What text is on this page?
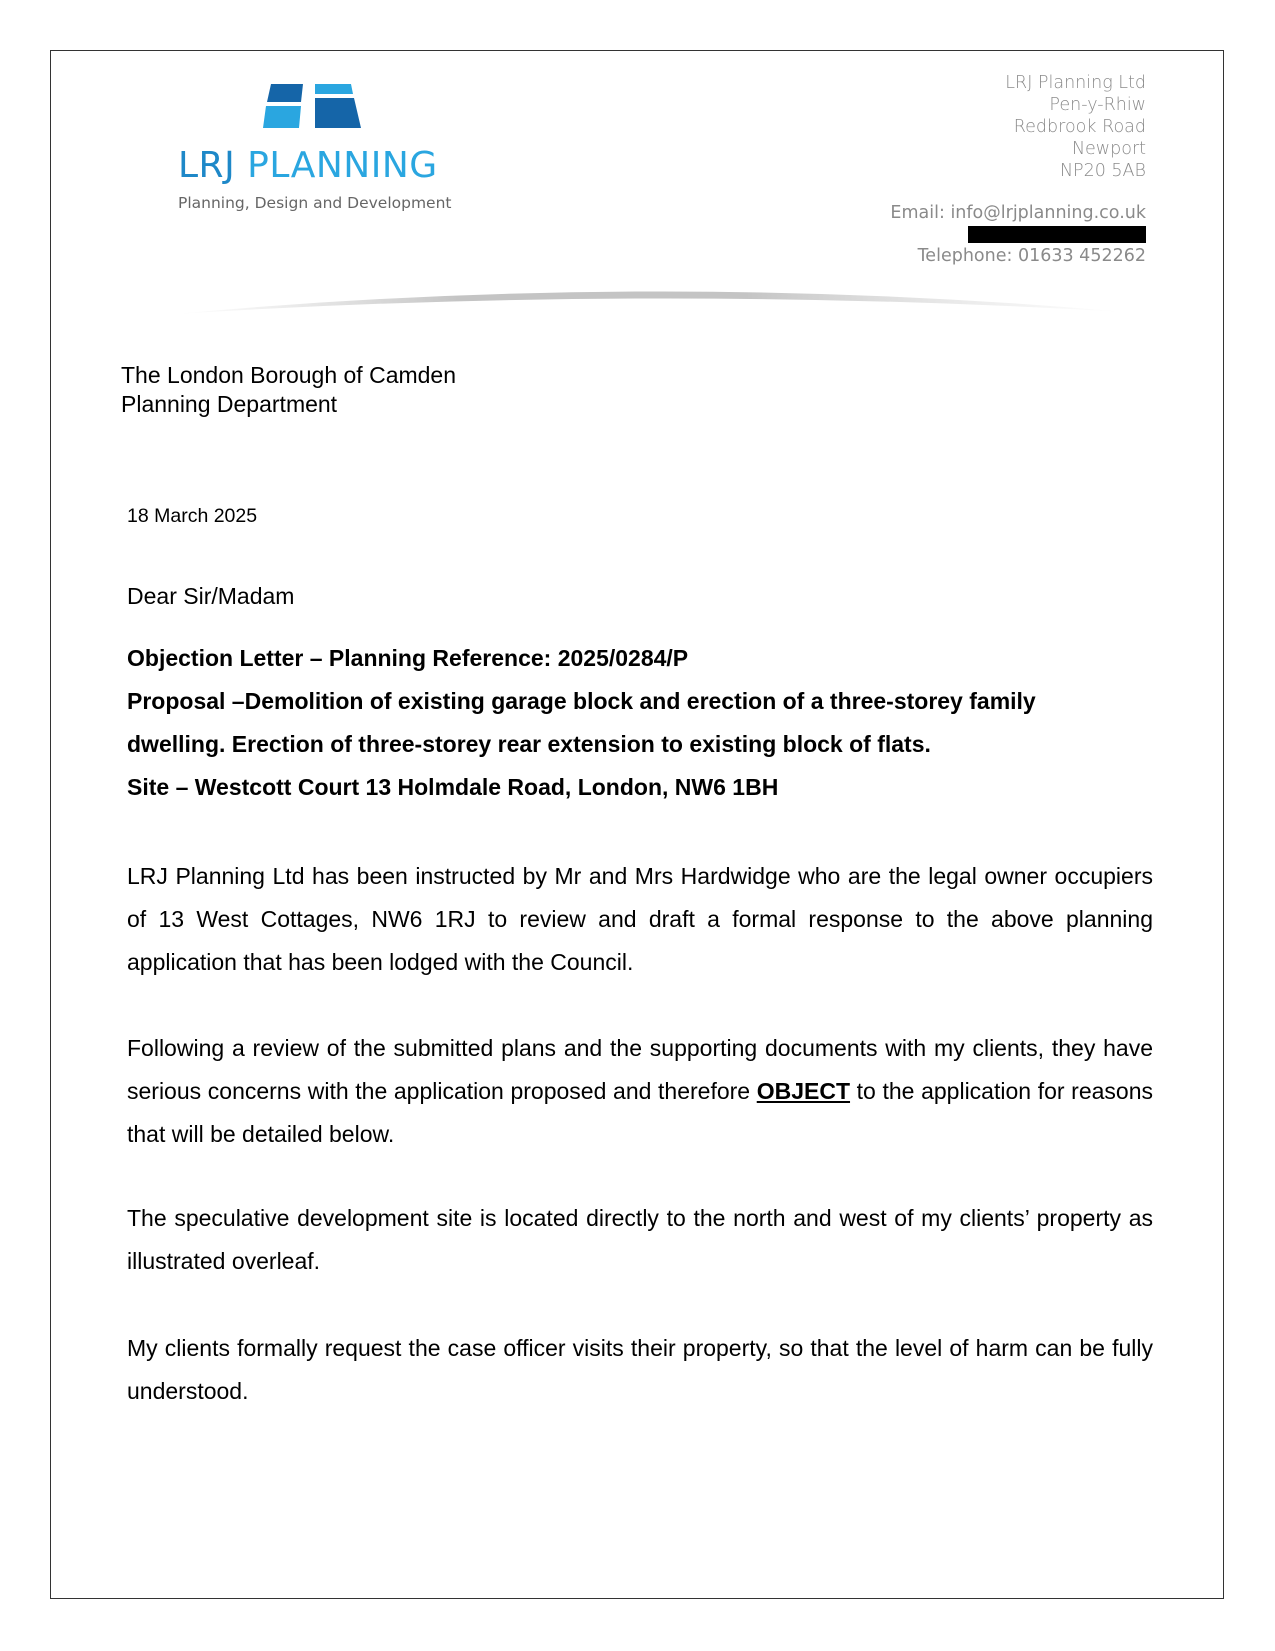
LRJ PLANNING
Planning, Design and Development
LRJ Planning Ltd
Pen-y-Rhiw
Redbrook Road
Newport
NP20 5AB
Email: info@lrjplanning.co.uk
Telephone: 01633 452262
The London Borough of Camden
Planning Department
18 March 2025
Dear Sir/Madam
Objection Letter – Planning Reference: 2025/0284/P
Proposal –Demolition of existing garage block and erection of a three-storey family
dwelling. Erection of three-storey rear extension to existing block of flats.
Site – Westcott Court 13 Holmdale Road, London, NW6 1BH
LRJ Planning Ltd has been instructed by Mr and Mrs Hardwidge who are the legal owner occupiers of 13 West Cottages, NW6 1RJ to review and draft a formal response to the above planning application that has been lodged with the Council.
Following a review of the submitted plans and the supporting documents with my clients, they have serious concerns with the application proposed and therefore OBJECT to the application for reasons that will be detailed below.
The speculative development site is located directly to the north and west of my clients’ property as illustrated overleaf.
My clients formally request the case officer visits their property, so that the level of harm can be fully understood.
